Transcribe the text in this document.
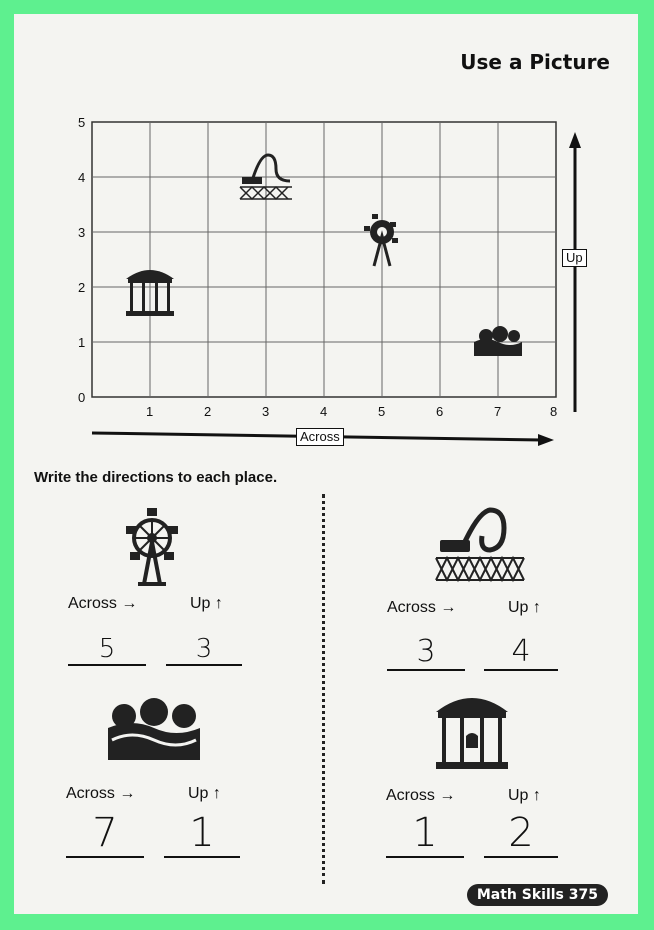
Use a Picture
5
4
3
2
1
0
1	2	3	4	5	6	7	8
Up
Across
Write the directions to each place.
Across →	Up ↑
5	3
Across →	Up ↑
3	4
Across →	Up ↑
7	1
Across →	Up ↑
1	2
Math Skills 375
